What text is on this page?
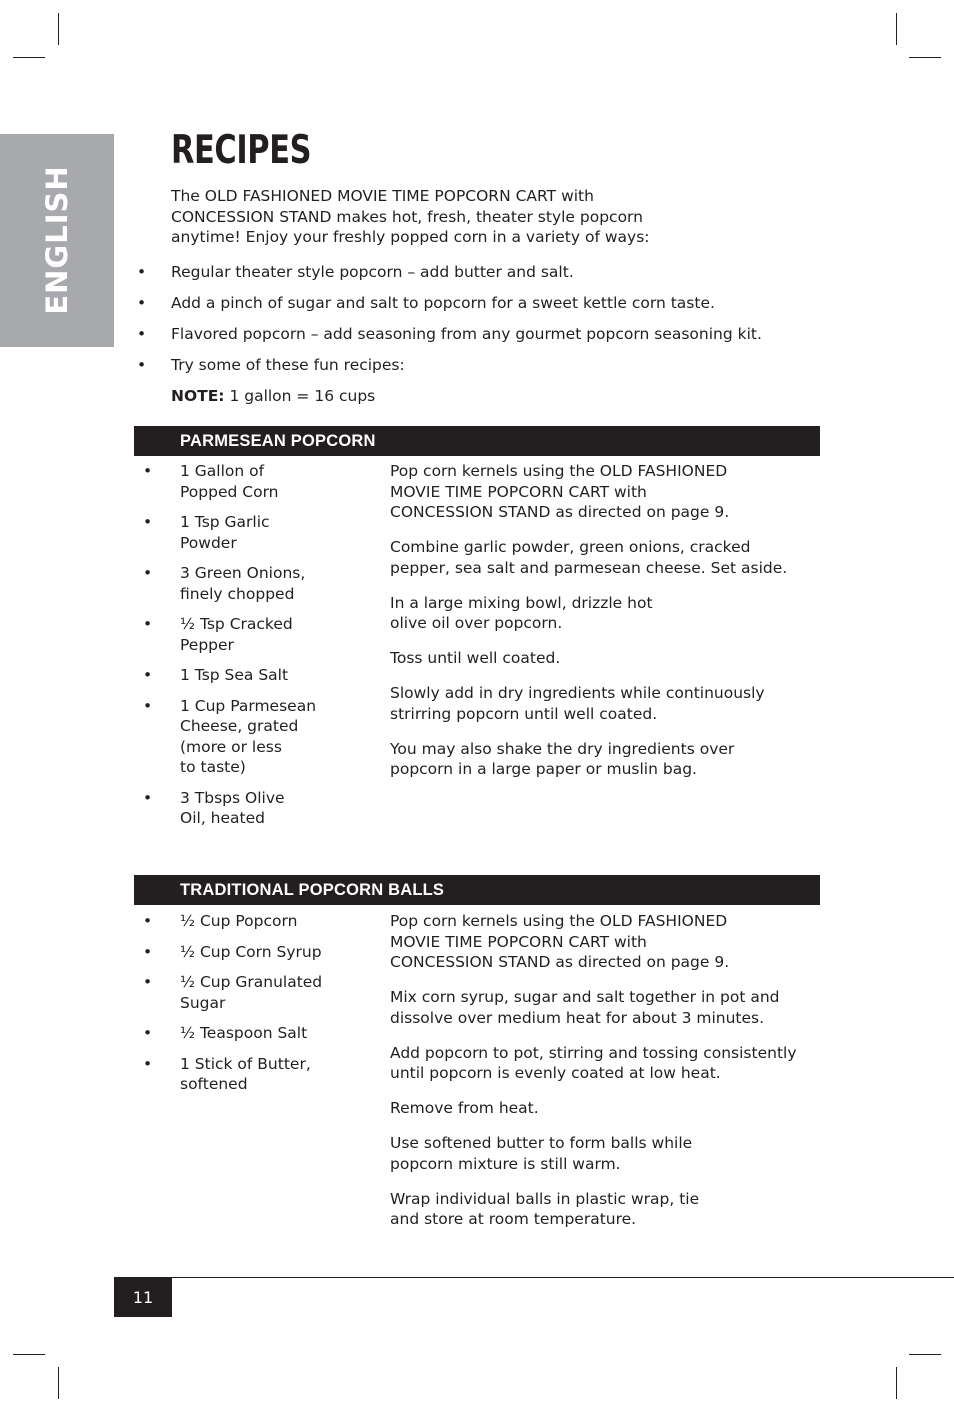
ENGLISH
RECIPES

The OLD FASHIONED MOVIE TIME POPCORN CART with
CONCESSION STAND makes hot, fresh, theater style popcorn
anytime! Enjoy your freshly popped corn in a variety of ways:

• Regular theater style popcorn – add butter and salt.
• Add a pinch of sugar and salt to popcorn for a sweet kettle corn taste.
• Flavored popcorn – add seasoning from any gourmet popcorn seasoning kit.
• Try some of these fun recipes:
NOTE: 1 gallon = 16 cups
PARMESEAN POPCORN
• 1 Gallon of
Popped Corn
• 1 Tsp Garlic
Powder
• 3 Green Onions,
finely chopped
• ½ Tsp Cracked
Pepper
• 1 Tsp Sea Salt
• 1 Cup Parmesean
Cheese, grated
(more or less
to taste)
• 3 Tbsps Olive
Oil, heated

Pop corn kernels using the OLD FASHIONED
MOVIE TIME POPCORN CART with
CONCESSION STAND as directed on page 9.

Combine garlic powder, green onions, cracked
pepper, sea salt and parmesean cheese. Set aside.

In a large mixing bowl, drizzle hot
olive oil over popcorn.

Toss until well coated.

Slowly add in dry ingredients while continuously
strirring popcorn until well coated.

You may also shake the dry ingredients over
popcorn in a large paper or muslin bag.

TRADITIONAL POPCORN BALLS
• ½ Cup Popcorn
• ½ Cup Corn Syrup
• ½ Cup Granulated
Sugar
• ½ Teaspoon Salt
• 1 Stick of Butter,
softened

Pop corn kernels using the OLD FASHIONED
MOVIE TIME POPCORN CART with
CONCESSION STAND as directed on page 9.

Mix corn syrup, sugar and salt together in pot and
dissolve over medium heat for about 3 minutes.

Add popcorn to pot, stirring and tossing consistently
until popcorn is evenly coated at low heat.

Remove from heat.

Use softened butter to form balls while
popcorn mixture is still warm.

Wrap individual balls in plastic wrap, tie
and store at room temperature.

11
